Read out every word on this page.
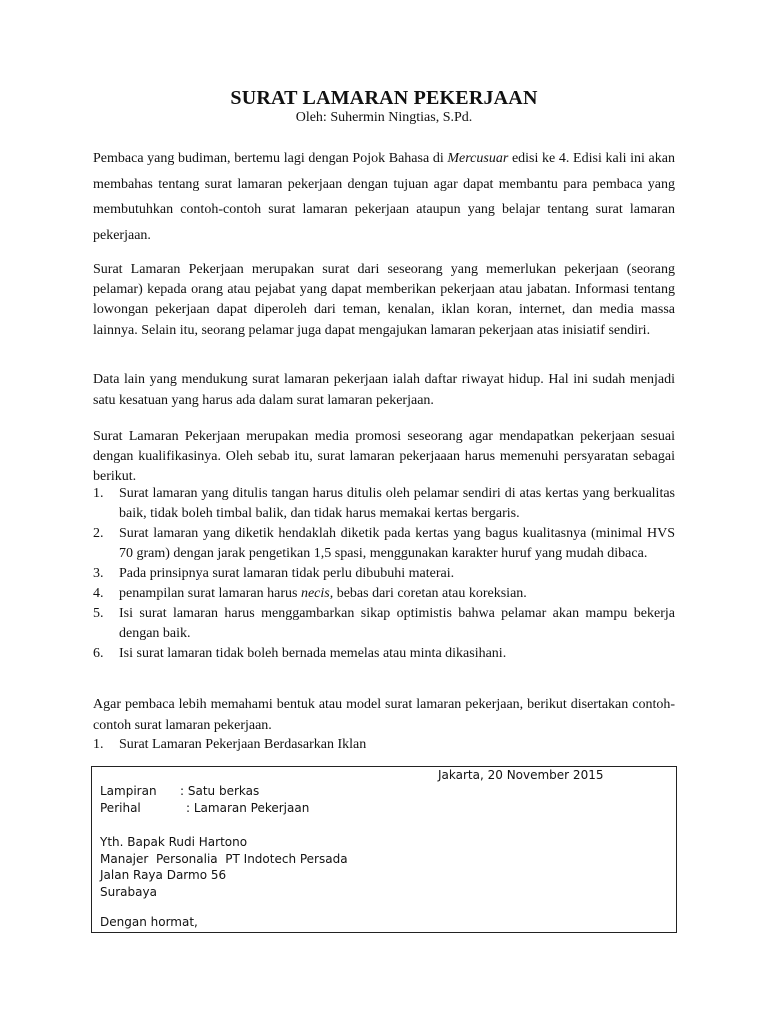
SURAT LAMARAN PEKERJAAN
Oleh: Suhermin Ningtias, S.Pd.

Pembaca yang budiman, bertemu lagi dengan Pojok Bahasa di Mercusuar edisi ke 4. Edisi kali ini akan membahas tentang surat lamaran pekerjaan dengan tujuan agar dapat membantu para pembaca yang membutuhkan contoh-contoh surat lamaran pekerjaan ataupun yang belajar tentang surat lamaran pekerjaan.

Surat Lamaran Pekerjaan merupakan surat dari seseorang yang memerlukan pekerjaan (seorang pelamar) kepada orang atau pejabat yang dapat memberikan pekerjaan atau jabatan. Informasi tentang lowongan pekerjaan dapat diperoleh dari teman, kenalan, iklan koran, internet, dan media massa lainnya. Selain itu, seorang pelamar juga dapat mengajukan lamaran pekerjaan atas inisiatif sendiri.

Data lain yang mendukung surat lamaran pekerjaan ialah daftar riwayat hidup. Hal ini sudah menjadi satu kesatuan yang harus ada dalam surat lamaran pekerjaan.

Surat Lamaran Pekerjaan merupakan media promosi seseorang agar mendapatkan pekerjaan sesuai dengan kualifikasinya. Oleh sebab itu, surat lamaran pekerjaaan harus memenuhi persyaratan sebagai berikut.

1.	Surat lamaran yang ditulis tangan harus ditulis oleh pelamar sendiri di atas kertas yang berkualitas baik, tidak boleh timbal balik, dan tidak harus memakai kertas bergaris.
2.	Surat lamaran yang diketik hendaklah diketik pada kertas yang bagus kualitasnya (minimal HVS 70 gram) dengan jarak pengetikan 1,5 spasi, menggunakan karakter huruf yang mudah dibaca.
3.	Pada prinsipnya surat lamaran tidak perlu dibubuhi materai.
4.	penampilan surat lamaran harus necis, bebas dari coretan atau koreksian.
5.	Isi surat lamaran harus menggambarkan sikap optimistis bahwa pelamar akan mampu bekerja dengan baik.
6.	Isi surat lamaran tidak boleh bernada memelas atau minta dikasihani.

Agar pembaca lebih memahami bentuk atau model surat lamaran pekerjaan, berikut disertakan contoh-contoh surat lamaran pekerjaan.

1.	Surat Lamaran Pekerjaan Berdasarkan Iklan
Jakarta, 20 November 2015
Lampiran : Satu berkas
Perihal	: Lamaran Pekerjaan
Yth. Bapak Rudi Hartono
Manajer  Personalia  PT Indotech Persada
Jalan Raya Darmo 56
Surabaya
Dengan hormat,
